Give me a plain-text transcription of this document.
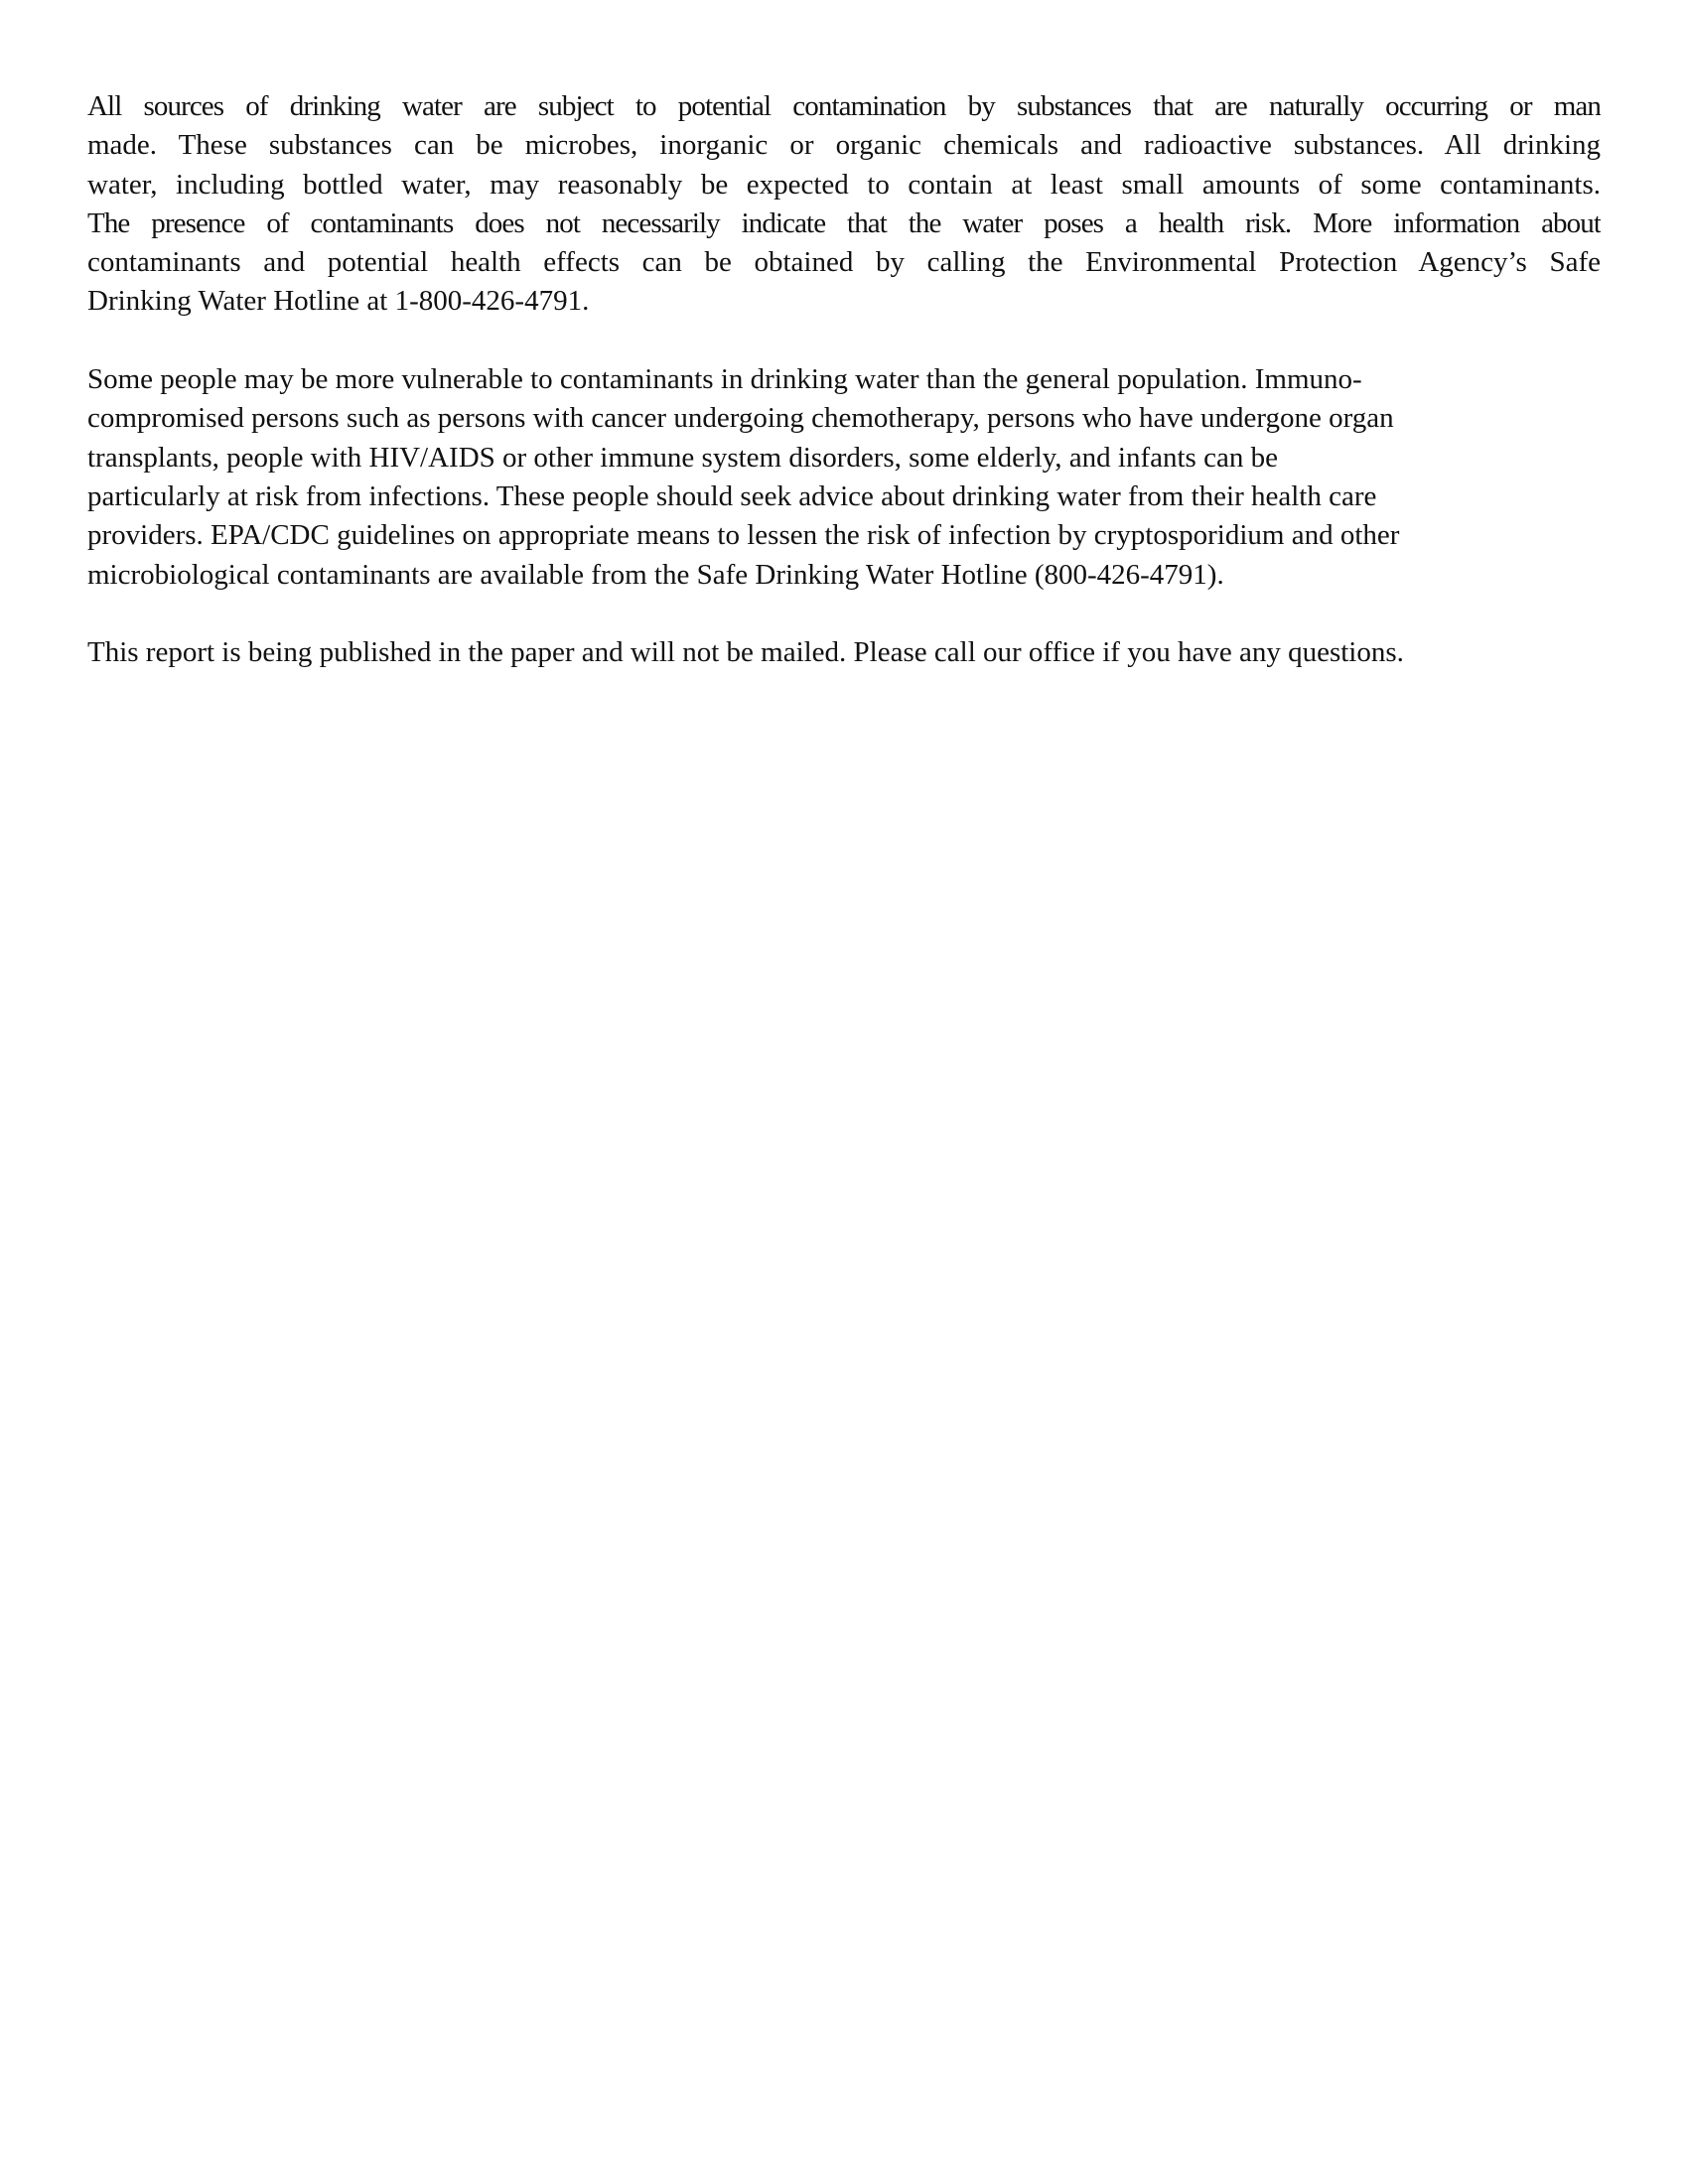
All sources of drinking water are subject to potential contamination by substances that are naturally occurring or man
made. These substances can be microbes, inorganic or organic chemicals and radioactive substances. All drinking
water, including bottled water, may reasonably be expected to contain at least small amounts of some contaminants.
The presence of contaminants does not necessarily indicate that the water poses a health risk. More information about
contaminants and potential health effects can be obtained by calling the Environmental Protection Agency’s Safe
Drinking Water Hotline at 1-800-426-4791.

Some people may be more vulnerable to contaminants in drinking water than the general population. Immuno-
compromised persons such as persons with cancer undergoing chemotherapy, persons who have undergone organ
transplants, people with HIV/AIDS or other immune system disorders, some elderly, and infants can be
particularly at risk from infections. These people should seek advice about drinking water from their health care
providers. EPA/CDC guidelines on appropriate means to lessen the risk of infection by cryptosporidium and other
microbiological contaminants are available from the Safe Drinking Water Hotline (800-426-4791).

This report is being published in the paper and will not be mailed. Please call our office if you have any questions.
